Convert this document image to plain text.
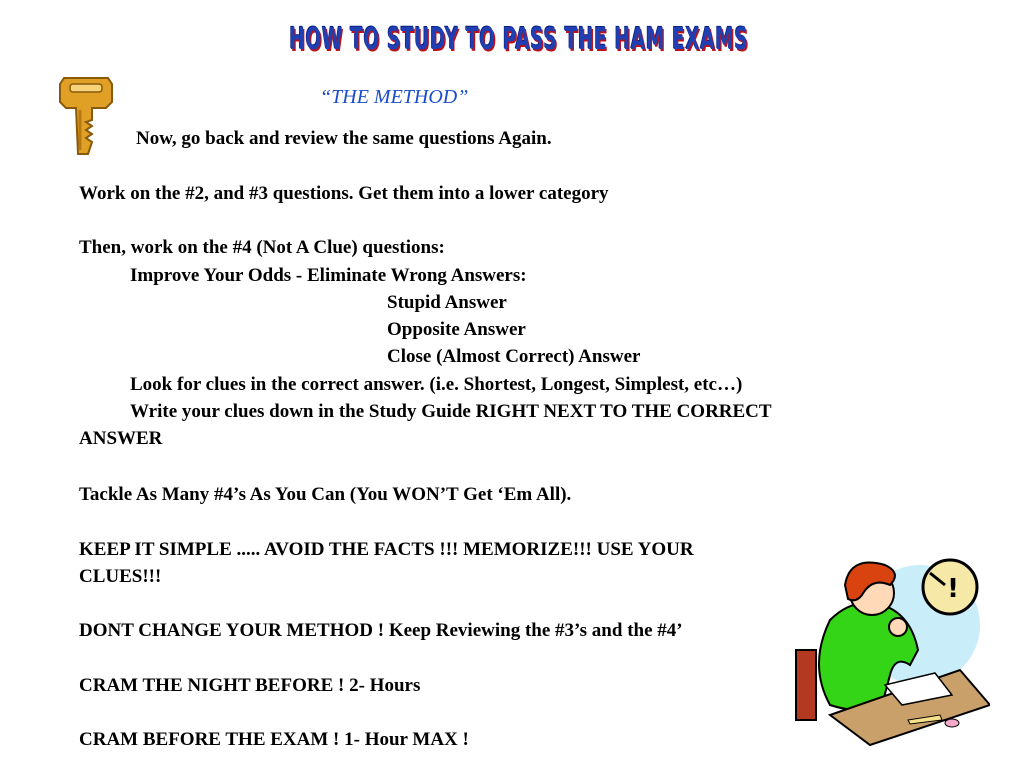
HOW TO STUDY TO PASS THE HAM EXAMS
“THE METHOD”
Now, go back and review the same questions Again.
Work on the #2, and #3 questions. Get them into a lower category
Then, work on the #4 (Not A Clue) questions:
Improve Your Odds - Eliminate Wrong Answers:
Stupid Answer
Opposite Answer
Close (Almost Correct) Answer
Look for clues in the correct answer. (i.e. Shortest, Longest, Simplest, etc…)
Write your clues down in the Study Guide RIGHT NEXT TO THE CORRECT
ANSWER
Tackle As Many #4’s As You Can (You WON’T Get ‘Em All).
KEEP IT SIMPLE ..... AVOID THE FACTS !!! MEMORIZE!!! USE YOUR
CLUES!!!
DONT CHANGE YOUR METHOD ! Keep Reviewing the #3’s and the #4’
CRAM THE NIGHT BEFORE ! 2- Hours
CRAM BEFORE THE EXAM ! 1- Hour MAX !
!
